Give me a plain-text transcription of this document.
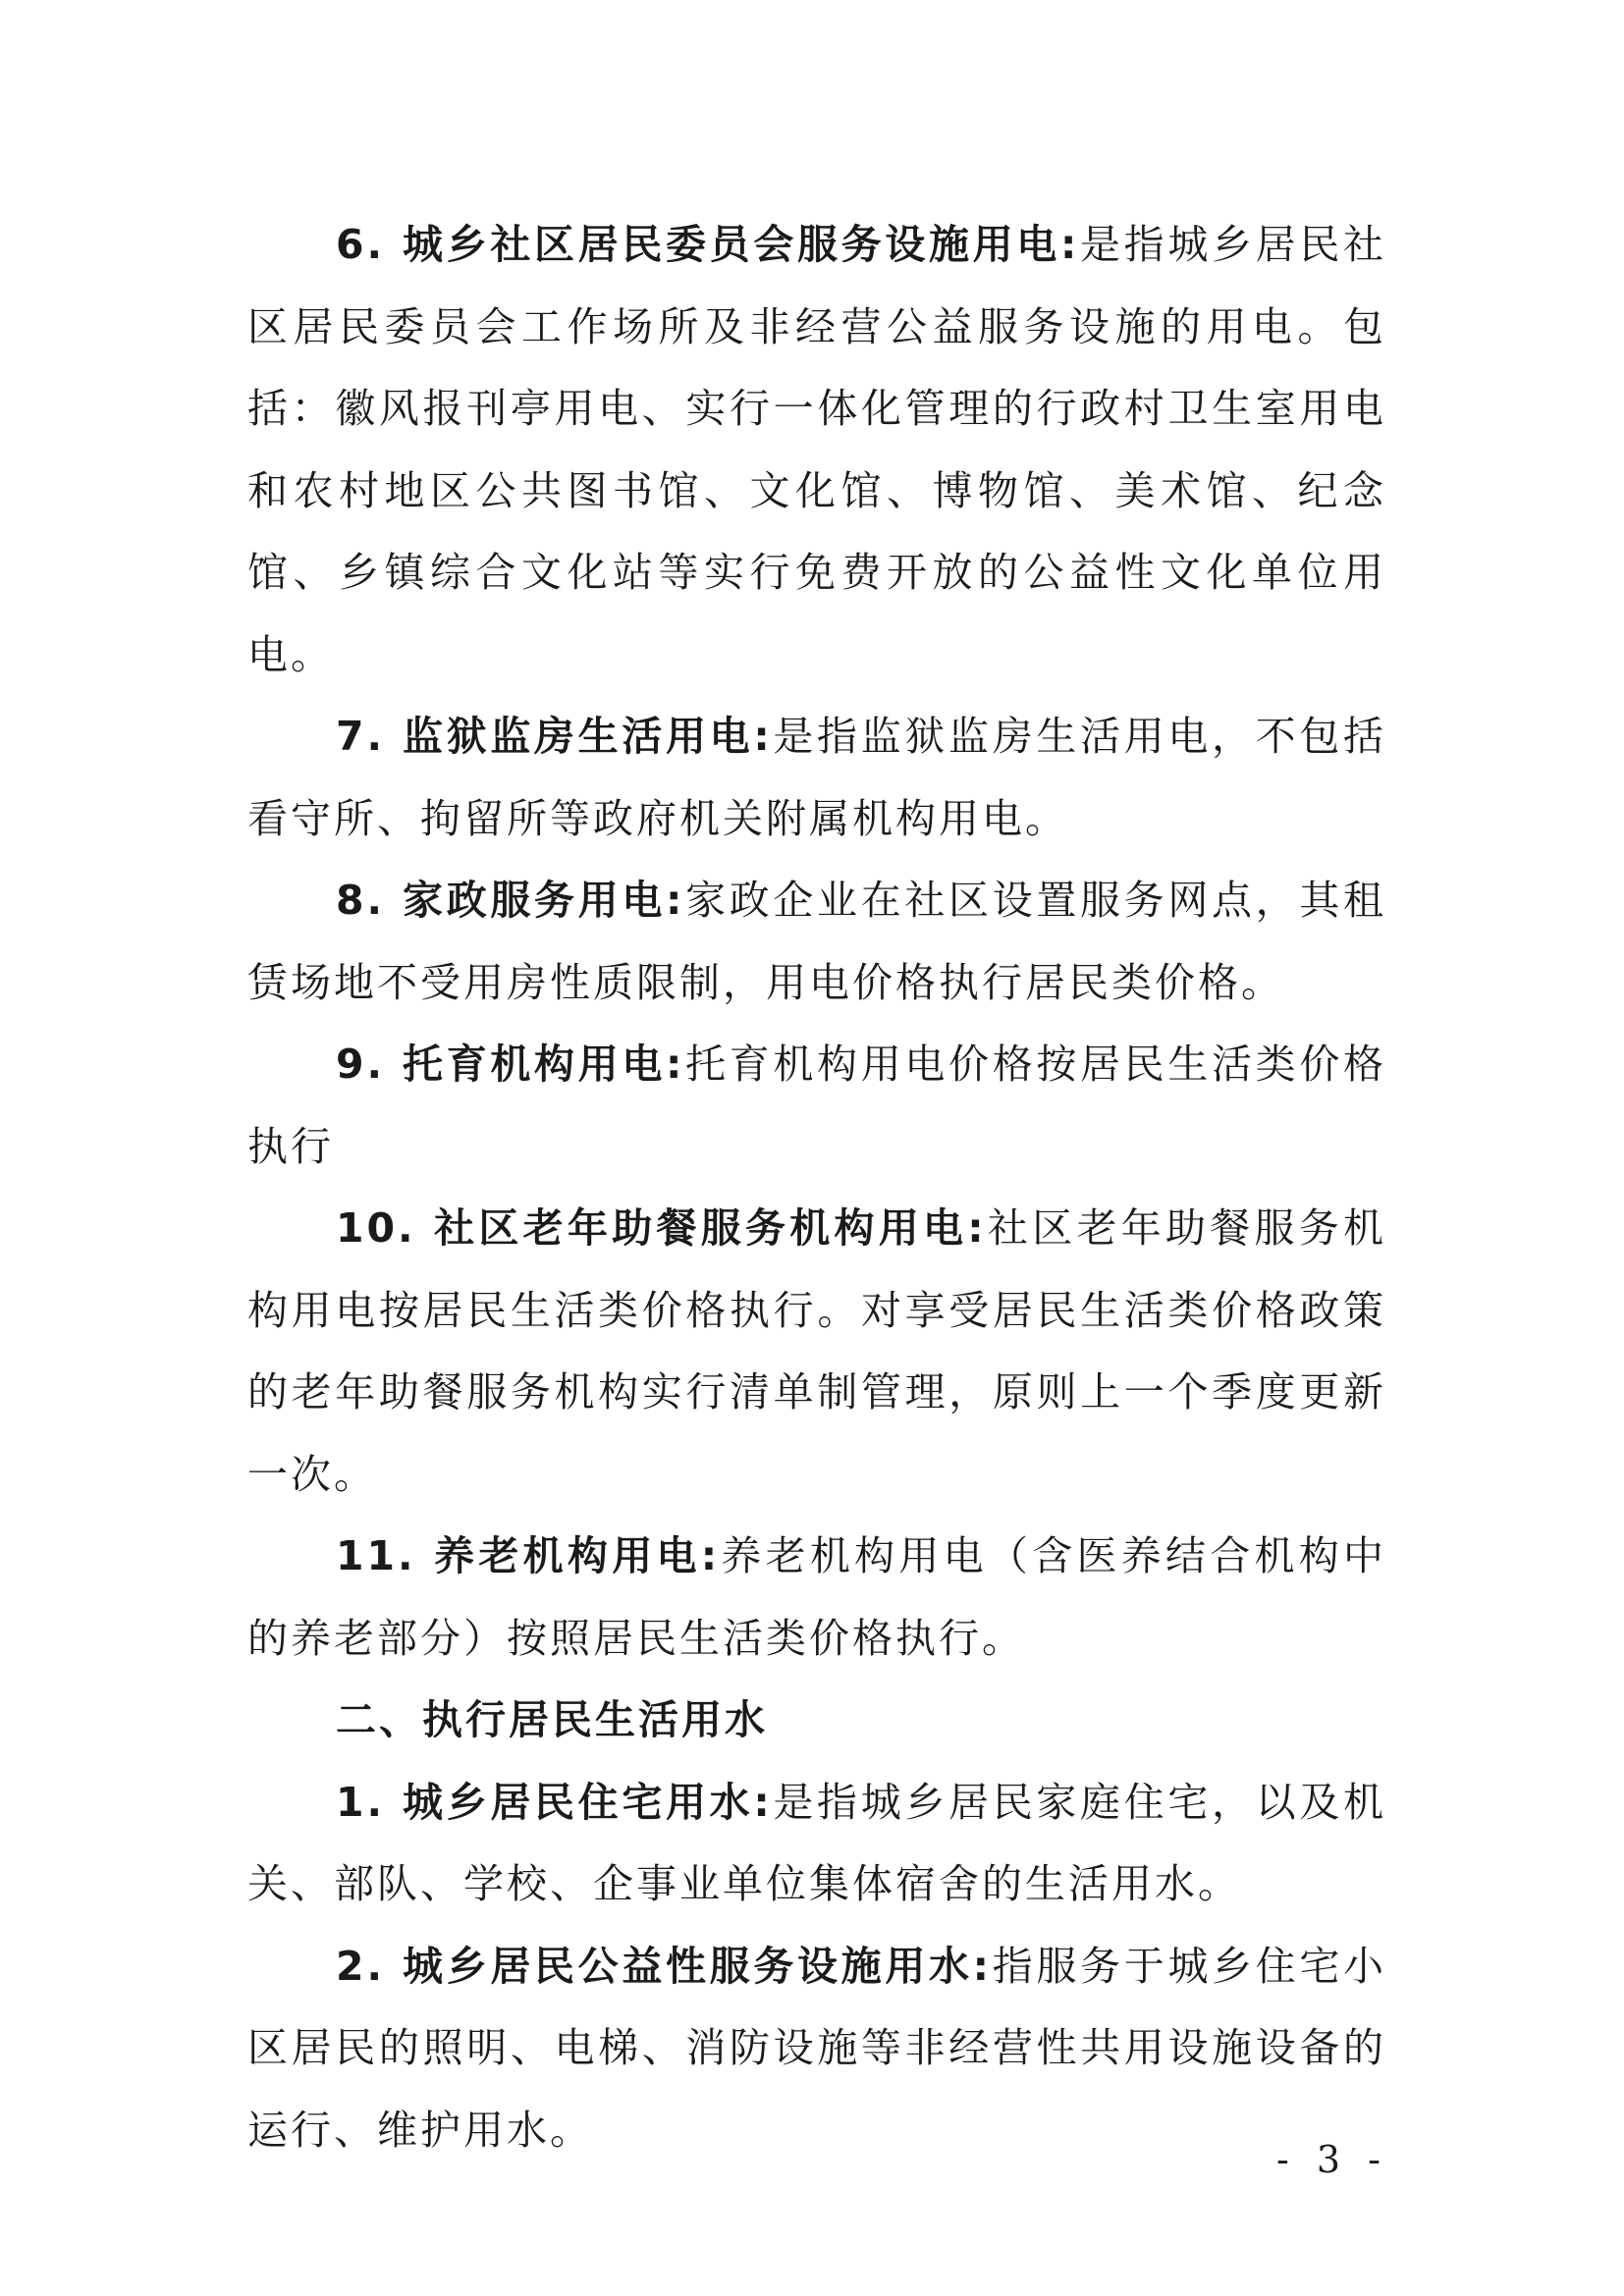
6. 城乡社区居民委员会服务设施用电:是指城乡居民社区居民委员会工作场所及非经营公益服务设施的用电。包括：徽风报刊亭用电、实行一体化管理的行政村卫生室用电和农村地区公共图书馆、文化馆、博物馆、美术馆、纪念馆、乡镇综合文化站等实行免费开放的公益性文化单位用电。

7. 监狱监房生活用电:是指监狱监房生活用电，不包括看守所、拘留所等政府机关附属机构用电。

8. 家政服务用电:家政企业在社区设置服务网点，其租赁场地不受用房性质限制，用电价格执行居民类价格。

9. 托育机构用电:托育机构用电价格按居民生活类价格执行

10. 社区老年助餐服务机构用电:社区老年助餐服务机构用电按居民生活类价格执行。对享受居民生活类价格政策的老年助餐服务机构实行清单制管理，原则上一个季度更新一次。

11. 养老机构用电:养老机构用电（含医养结合机构中的养老部分）按照居民生活类价格执行。

二、执行居民生活用水

1. 城乡居民住宅用水:是指城乡居民家庭住宅，以及机关、部队、学校、企事业单位集体宿舍的生活用水。

2. 城乡居民公益性服务设施用水:指服务于城乡住宅小区居民的照明、电梯、消防设施等非经营性共用设施设备的运行、维护用水。

- 3 -
